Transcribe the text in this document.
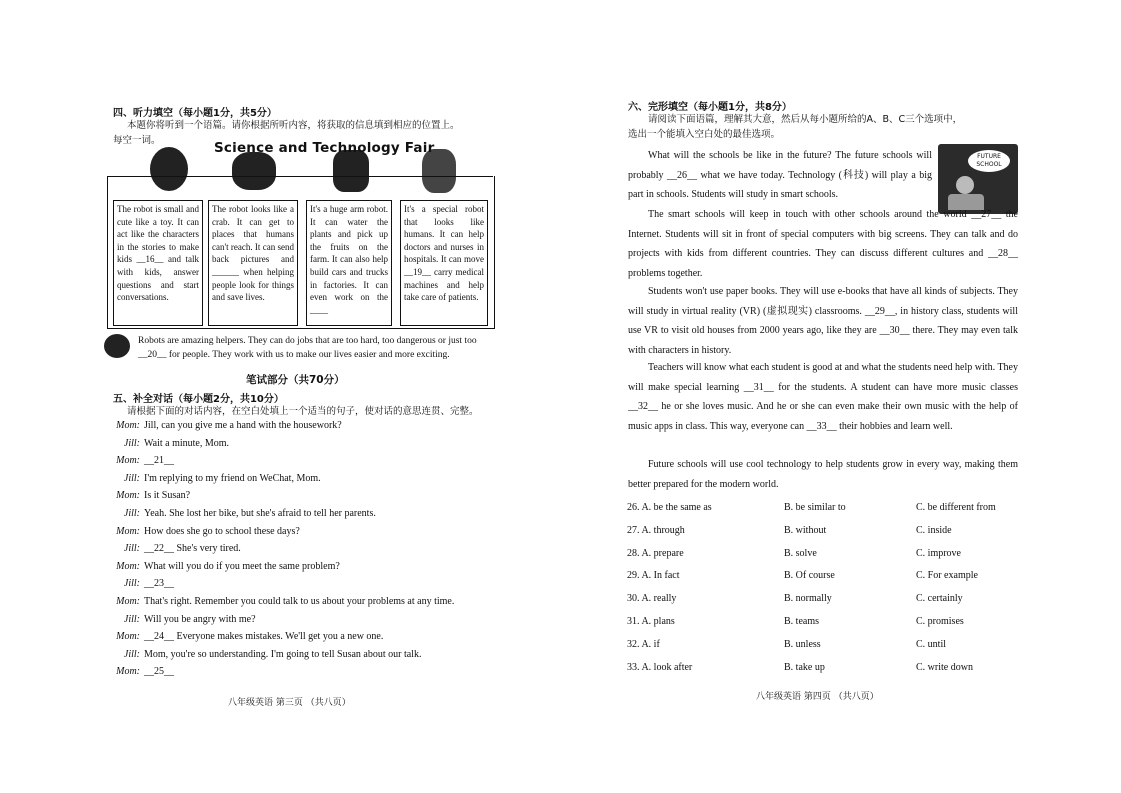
四、听力填空（每小题1分，共5分）
本题你将听到一个语篇。请你根据所听内容，将获取的信息填到相应的位置上。
每空一词。	Science and Technology Fair
The robot is small and cute like a toy. It can act like the characters in the stories to make kids __16__ and talk with kids, answer questions and start conversations.
The robot looks like a crab. It can get to places that humans can't reach. It can send back pictures and ______ when helping people look for things and save lives.
It's a huge arm robot. It can water the plants and pick up the fruits on the farm. It can also help build cars and trucks in factories. It can even work on the ____
It's a special robot that looks like humans. It can help doctors and nurses in hospitals. It can move __19__ carry medical machines and help take care of patients.
Robots are amazing helpers. They can do jobs that are too hard, too dangerous or just too __20__ for people. They work with us to make our lives easier and more exciting.
笔试部分（共70分）
五、补全对话（每小题2分，共10分）
请根据下面的对话内容，在空白处填上一个适当的句子，使对话的意思连贯、完整。
Mom: Jill, can you give me a hand with the housework?
Jill: Wait a minute, Mom.
Mom: __21__
Jill: I'm replying to my friend on WeChat, Mom.
Mom: Is it Susan?
Jill: Yeah. She lost her bike, but she's afraid to tell her parents.
Mom: How does she go to school these days?
Jill: __22__ She's very tired.
Mom: What will you do if you meet the same problem?
Jill: __23__
Mom: That's right. Remember you could talk to us about your problems at any time.
Jill: Will you be angry with me?
Mom: __24__ Everyone makes mistakes. We'll get you a new one.
Jill: Mom, you're so understanding. I'm going to tell Susan about our talk.
Mom: __25__
八年级英语 第三页 （共八页）
六、完形填空（每小题1分，共8分）
请阅读下面语篇，理解其大意，然后从每小题所给的A、B、C三个选项中，
选出一个能填入空白处的最佳选项。
FUTURE SCHOOL
What will the schools be like in the future? The future schools will probably __26__ what we have today. Technology (科技) will play a big part in schools. Students will study in smart schools.
The smart schools will keep in touch with other schools around the world __27__ the Internet. Students will sit in front of special computers with big screens. They can talk and do projects with kids from different countries. They can discuss different cultures and __28__ problems together.
Students won't use paper books. They will use e-books that have all kinds of subjects. They will study in virtual reality (VR) (虚拟现实) classrooms. __29__, in history class, students will use VR to visit old houses from 2000 years ago, like they are __30__ there. They may even talk with characters in history.
Teachers will know what each student is good at and what the students need help with. They will make special learning __31__ for the students. A student can have more music classes __32__ he or she loves music. And he or she can even make their own music with the help of music apps in class. This way, everyone can __33__ their hobbies and learn well.
Future schools will use cool technology to help students grow in every way, making them better prepared for the modern world.
26. A. be the same as	B. be similar to	C. be different from
27. A. through	B. without	C. inside
28. A. prepare	B. solve	C. improve
29. A. In fact	B. Of course	C. For example
30. A. really	B. normally	C. certainly
31. A. plans	B. teams	C. promises
32. A. if	B. unless	C. until
33. A. look after	B. take up	C. write down
八年级英语 第四页 （共八页）
